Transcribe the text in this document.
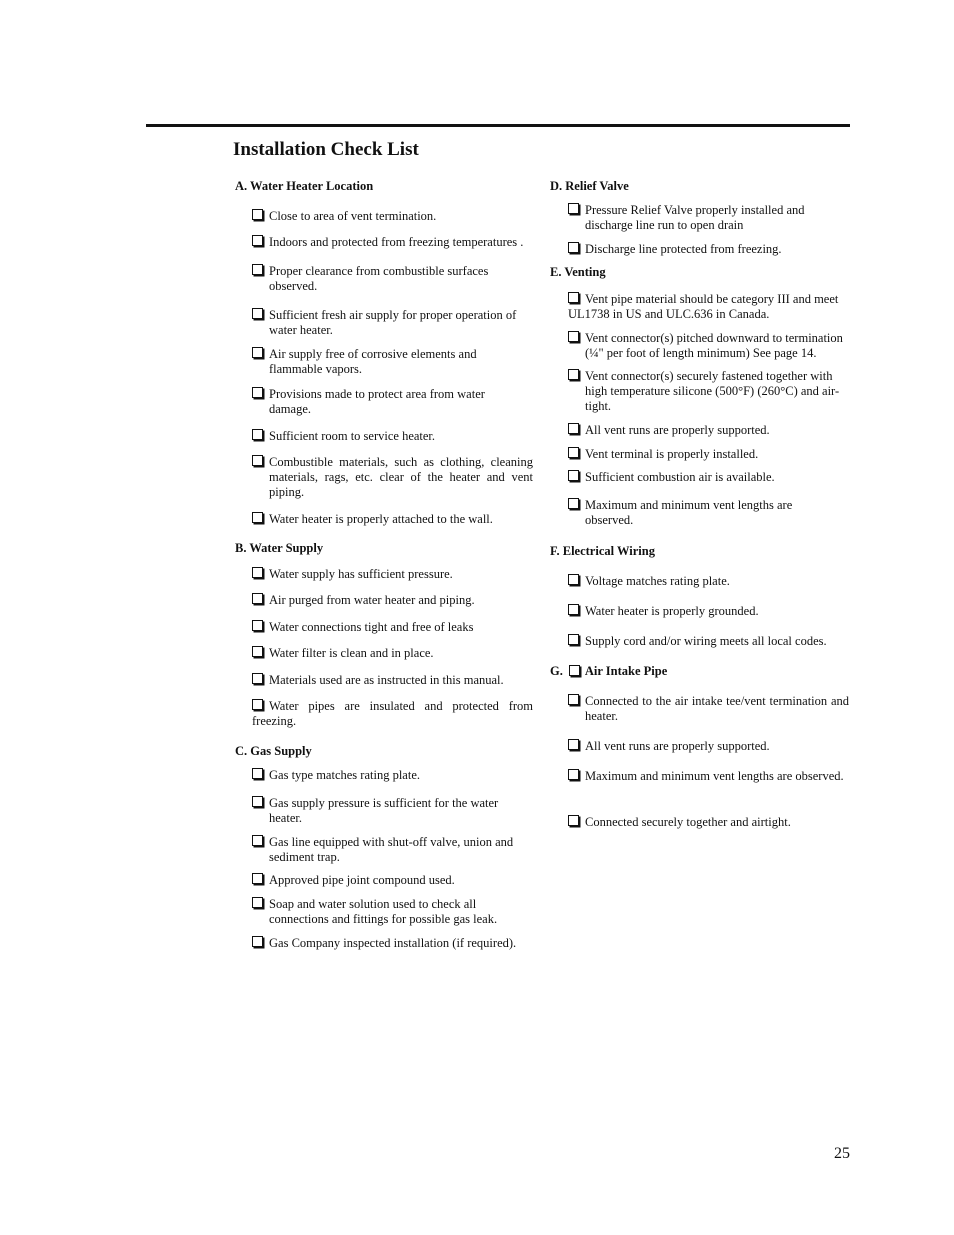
Installation Check List
A. Water Heater Location
Close to area of vent termination.
Indoors and protected from freezing temperatures .
Proper clearance from combustible surfaces observed.
Sufficient fresh air supply for proper operation of water heater.
Air supply free of corrosive elements and flammable vapors.
Provisions made to protect area from water damage.
Sufficient room to service heater.
Combustible materials, such as clothing, cleaning materials, rags, etc. clear of the heater and vent piping.
Water heater is properly attached to the wall.
B. Water Supply
Water supply has sufficient pressure.
Air purged from water heater and piping.
Water connections tight and free of leaks
Water filter is clean and in place.
Materials used are as instructed in this manual.
Water pipes are insulated and protected from freezing.
C. Gas Supply
Gas type matches rating plate.
Gas supply pressure is sufficient for the water heater.
Gas line equipped with shut-off valve, union and sediment trap.
Approved pipe joint compound used.
Soap and water solution used to check all connections and fittings for possible gas leak.
Gas Company inspected installation (if required).
D. Relief Valve
Pressure Relief Valve properly installed and discharge line run to open drain
Discharge line protected from freezing.
E. Venting
Vent pipe material should be category III and meet UL1738 in US and ULC.636 in Canada.
Vent connector(s) pitched downward to termination (¼" per foot of length minimum) See page 14.
Vent connector(s) securely fastened together with high temperature silicone (500°F) (260°C) and air-tight.
All vent runs are properly supported.
Vent terminal is properly installed.
Sufficient combustion air is available.
Maximum and minimum vent lengths are observed.
F. Electrical Wiring
Voltage matches rating plate.
Water heater is properly grounded.
Supply cord and/or wiring meets all local codes.
G. Air Intake Pipe
Connected to the air intake tee/vent termination and heater.
All vent runs are properly supported.
Maximum and minimum vent lengths are observed.
Connected securely together and airtight.
25
